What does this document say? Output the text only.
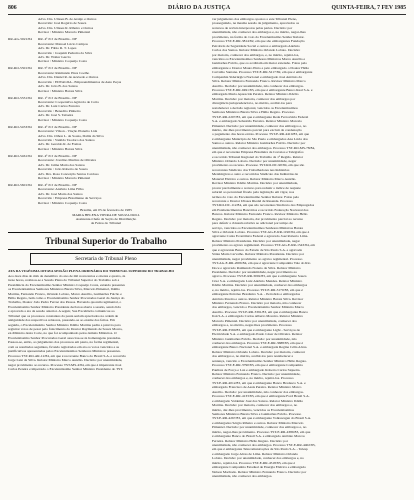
806	DIÁRIO DA JUSTIÇA	QUINTA-FEIRA, 7 FEV 1985
Advs. Drs. Ulisses B. de Araújo e Outros
Recorrido: José Rogério de Souza
Advs. Drs. Ulisses R. Ribeiro e Outros
Revisor : Ministro Marcelo Pimentel
RR-AG-5021/84 RR. 4ª JCJ de Brasília - DF
Recorrente: Manoel Lúcio Campos
Adv. Dr. Fábio R. T. Lopes
Recorrido : Joaquim Pedreira da Silva
Adv. Dr. Walter Garcia
Revisor : Ministro Coqueijo Costa
RR-RO-5301/84 RR. 5ª JCJ de Brasília - DF
Recorrente: Raimundo Pires Coelho
Advs. Drs. Daniel R. de Azevedo e Outros
Recorrido : EDVALDA - Empreendimentos de Auto Peças
Adv. Dr. João B. dos Santos
Revisor : Ministro Barata Silva
RR-RO-5331/84 RR. 1ª JCJ de Brasília - DF
Recorrente: Cooperativa Agrícola de Cotia
Adv. Dr. Luiz Carlos Ferreira
Recorrido : Benedito Pinheiro
Adv. Dr. José S. Teixeira
Revisor : Ministro Coqueijo Costa
RR-RO-5453/84 RR. 4ª JCJ de Brasília - DF
Recorrente: Vilson - Viação Planalto Ltda
Advs. Drs. Othon L. de Souza, Dalila da Silva
Recorrido : Vanildo Teodoro dos Santos
Adv. Dr. Geraldo R. de Freitas
Revisor : Ministro Barata Silva
RR-RO-5461/84 RR. 4ª JCJ de Brasília - DF
Recorrente: Jovelino Martins de Oliveira
Adv. Dr. Jaime Maria dos Santos
Recorrido : João Roberto de Souza
Adv. Dra. Rosa Conceição Santos Cardoso
Revisor : Ministro Marcelo Pimentel
RR-RO-5601/84 RR. 4ª JCJ de Brasília - DF
Recorrente: Antônio Lima Filho
Adv. Dr. José Maria dos Santos
Recorrido : Empresa Brasiliense de Serviços
Revisor : Ministro Coqueijo Costa
Brasília, em 05 de fevereiro de 1985
MARIA HELENA VIEIRA DE SOUZA DOLL
Assistente-Chefe da Seção de Distribuição
de Feitos do Tribunal
Tribunal Superior do Trabalho
Secretaria do Tribunal Pleno
ATA DA VIGÉSIMA OITAVA SESSÃO PLENA ORDINÁRIA DO TRIBUNAL SUPERIOR DO TRABALHO
Aos doze dias do mês de dezembro do ano de mil novecentos e oitenta e quatro, às
treze horas, realizou-se a Sessão Plena do Tribunal Superior do Trabalho sob a
Presidência do Excelentíssimo Senhor Ministro Coqueijo Costa, estando presentes
os Excelentíssimos Senhores Ministros Barata Silva, Marcelo Pimentel, Ildélio
Martins, Fernando Franco, Orlando Lobato, Marco Aurélio, Guimarães Falcão e
Hélio Regato, bem como o Excelentíssimo Senhor Procurador-Geral da Justiça do
Trabalho, Doutor João Pedro Ferraz dos Passos. Havendo quorum regimental, o
Excelentíssimo Senhor Ministro Presidente declarou aberta a sessão, sendo lida
e aprovada a ata da sessão anterior. A seguir, Sua Excelência comunicou ao
Tribunal que os processos constantes da pauta seriam apreciados na ordem de
antiguidade dos respectivos relatores, passando-se ao exame dos feitos. Em
seguida, o Excelentíssimo Senhor Ministro Ildélio Martins pediu a palavra para
registrar votos de pesar pelo falecimento do Doutor Raymundo de Souza Moura,
ex-Ministro desta Corte, no que foi acompanhado pelos demais Ministros. O
Excelentíssimo Senhor Procurador-Geral associou-se às homenagens prestadas.
Passou-se, então, ao julgamento dos processos em pauta, na forma regimental,
com os resultados seguintes, ficando registrados em ata os votos vencidos e as
justificativas apresentadas pelos Excelentíssimos Senhores Ministros presentes.
Processo TST-RO-AR-12/84, em que é recorrente Banco do Brasil S.A. e recorrido
Jorge Luiz da Silva. Relator Ministro Marco Aurélio. Decisão: por unanimidade,
negar provimento ao recurso. Processo TST-MS-4/84, em que é impetrante José
Carlos Pereira e impetrado o Excelentíssimo Senhor Ministro Presidente do TST.
ver julgamento dos embargos opostos a este Tribunal Pleno,
prosseguindo, na mesma sessão de julgamento, apreciados os
recursos de revista interpostos pelas partes. Decisão: por
unanimidade, não conhecer dos embargos e, no mérito, negar-lhes
provimento, na forma do voto do Excelentíssimo Senhor Relator.
Processo TST-E-RR-3814/82, em que são embargantes Fundação
Petrobrás de Seguridade Social e outros e embargado Antônio
Carlos dos Santos. Relator Ministro Orlando Lobato. Decisão:
por maioria, conhecer dos embargos, e, no mérito, rejeitá-los,
vencidos os Excelentíssimos Senhores Ministros Marco Aurélio e
Guimarães Falcão, que os acolhiam em maior extensão. Falou pelo
embargante o Doutor Mauro Pinto e pelo embargado o Doutor Hélio
Carvalho Santana. Processo TST-E-RR-5217/82, em que é embargante
Companhia Siderúrgica Nacional e embargado José Antônio da
Silva. Relator Ministro Fernando Franco. Revisor Ministro Marco
Aurélio. Decisão: por unanimidade, não conhecer dos embargos.
Processo TST-E-RR-0491/83, em que é embargante Banco Real S.A. e
embargada Maria Aparecida Pereira. Relator Ministro Ildélio
Martins. Decisão: por maioria, conhecer dos embargos por
divergência jurisprudencial e, no mérito, acolhê-los para
restabelecer a decisão regional, vencidos os Excelentíssimos
Senhores Ministros Barata Silva e Hélio Regato. Processo
TST-E-RR-2207/83, em que é embargante Rede Ferroviária Federal
S.A. e embargado Sebastião Ferreira. Relator Ministro Marcelo
Pimentel. Decisão: por unanimidade, conhecer dos embargos e, no
mérito, dar-lhes provimento parcial para excluir da condenação
o pagamento das horas extras. Processo TST-E-RR-4410/83, em que
é embargante Município de São Paulo e embargados Ana Lúcia dos
Santos e outros. Relator Ministro Guimarães Falcão. Decisão: por
unanimidade, não conhecer dos embargos. Processo TST-RO-MS-78/84,
em que é recorrente Empresa Brasileira de Correios e Telégrafos
e recorrido Tribunal Regional do Trabalho da 1ª Região. Relator
Ministro Orlando Lobato. Decisão: por unanimidade, negar
provimento ao recurso. Processo TST-RO-DC-90/84, em que são
recorrentes Sindicato dos Trabalhadores nas Indústrias
Metalúrgicas e outro e recorridos Sindicato das Indústrias de
Material Elétrico e outros. Relator Ministro Marco Aurélio.
Revisor Ministro Ildélio Martins. Decisão: por unanimidade,
prover parcialmente o recurso para reduzir o índice de reajuste
salarial ao percentual fixado pela legislação em vigor, nos
termos do voto do Excelentíssimo Senhor Relator. Falou pelo
recorrente o Doutor Ulisses Riedel de Resende. Processo
TST-RO-DC-112/84, em que são recorrentes Sindicato dos Empregados
em Estabelecimentos Bancários e recorrido Federação Nacional dos
Bancos. Relator Ministro Fernando Franco. Revisor Ministro Hélio
Regato. Decisão: por maioria, dar provimento parcial ao recurso
para deferir a cláusula relativa ao adicional por tempo de
serviço, vencidos os Excelentíssimos Senhores Ministros Barata
Silva e Orlando Lobato. Processo TST-AG-E-RR-1190/84, em que é
agravante Caixa Econômica Federal e agravado José Roberto Lima.
Relator Ministro Presidente. Decisão: por unanimidade, negar
provimento ao agravo regimental. Processo TST-AG-E-RR-1543/84, em
que é agravante Banco do Estado de São Paulo S.A. e agravada
Sônia Maria Carvalho. Relator Ministro Presidente. Decisão: por
unanimidade, negar provimento ao agravo regimental. Processo
TST-AG-E-RR-2006/84, em que é agravante Companhia Vale do Rio
Doce e agravado Raimundo Nonato da Silva. Relator Ministro
Presidente. Decisão: por unanimidade, negar provimento ao
agravo. Processo TST-E-RR-3002/83, em que é embargante Souza
Cruz S.A. e embargado Luiz Antônio Mendes. Relator Ministro
Ildélio Martins. Decisão: por unanimidade, conhecer dos embargos
e, no mérito, rejeitá-los. Processo TST-E-RR-3170/83, em que é
embargante Petróleo Brasileiro S.A. - Petrobrás e embargados
Antônio Pereira e outros. Relator Ministro Barata Silva. Revisor
Ministro Fernando Franco. Decisão: por maioria, não conhecer
dos embargos, vencido o Excelentíssimo Senhor Ministro Marco
Aurélio. Processo TST-E-RR-3391/83, em que é embargante Banco
Itaú S.A. e embargado Carlos Alberto Moreira. Relator Ministro
Marcelo Pimentel. Decisão: por unanimidade, conhecer dos
embargos e, no mérito, negar-lhes provimento. Processo
TST-E-RR-3560/83, em que é embargante Light - Serviços de
Eletricidade S.A. e embargado Paulo César de Oliveira. Relator
Ministro Guimarães Falcão. Decisão: por unanimidade, não
conhecer dos embargos. Processo TST-E-RR-3688/83, em que é
embargante Banco Nacional S.A. e embargada Regina Célia Alves.
Relator Ministro Orlando Lobato. Decisão: por maioria, conhecer
dos embargos e, no mérito, acolhê-los para restabelecer a
sentença, vencido o Excelentíssimo Senhor Ministro Hélio Regato.
Processo TST-E-RR-3790/83, em que é embargante Companhia
Paulista de Força e Luz e embargado Roberto Carlos Siqueira.
Relator Ministro Fernando Franco. Decisão: por unanimidade,
conhecer dos embargos e, no mérito, rejeitá-los. Processo
TST-E-RR-4012/83, em que é embargante Banco Bradesco S.A. e
embargado Francisco de Assis Pereira. Relator Ministro Marco
Aurélio. Decisão: por unanimidade, não conhecer dos embargos.
Processo TST-E-RR-4133/83, em que é embargante Ford Brasil S.A.
e embargado Valdemar José dos Santos. Relator Ministro Ildélio
Martins. Decisão: por maioria, conhecer dos embargos e, no
mérito, dar-lhes provimento, vencidos os Excelentíssimos
Senhores Ministros Barata Silva e Guimarães Falcão. Processo
TST-E-RR-4267/83, em que é embargante Volkswagen do Brasil S.A.
e embargados Sérgio Ribeiro e outros. Relator Ministro Marcelo
Pimentel. Decisão: por unanimidade, conhecer dos embargos e, no
mérito, negar-lhes provimento. Processo TST-E-RR-4389/83, em que
é embargante Banco do Brasil S.A. e embargado Antônio Marcos
Ferreira. Relator Ministro Hélio Regato. Decisão: por
unanimidade, não conhecer dos embargos. Processo TST-E-RR-4402/83,
em que é embargante Telecomunicações de São Paulo S.A. - Telesp
e embargado Jorge Alves de Lima. Relator Ministro Orlando
Lobato. Decisão: por unanimidade, conhecer dos embargos e, no
mérito, rejeitá-los. Processo TST-E-RR-4518/83, em que é
embargante Companhia Estadual de Energia Elétrica e embargado
Nelson Machado. Relator Ministro Fernando Franco. Decisão: por
unanimidade, não conhecer dos embargos.
